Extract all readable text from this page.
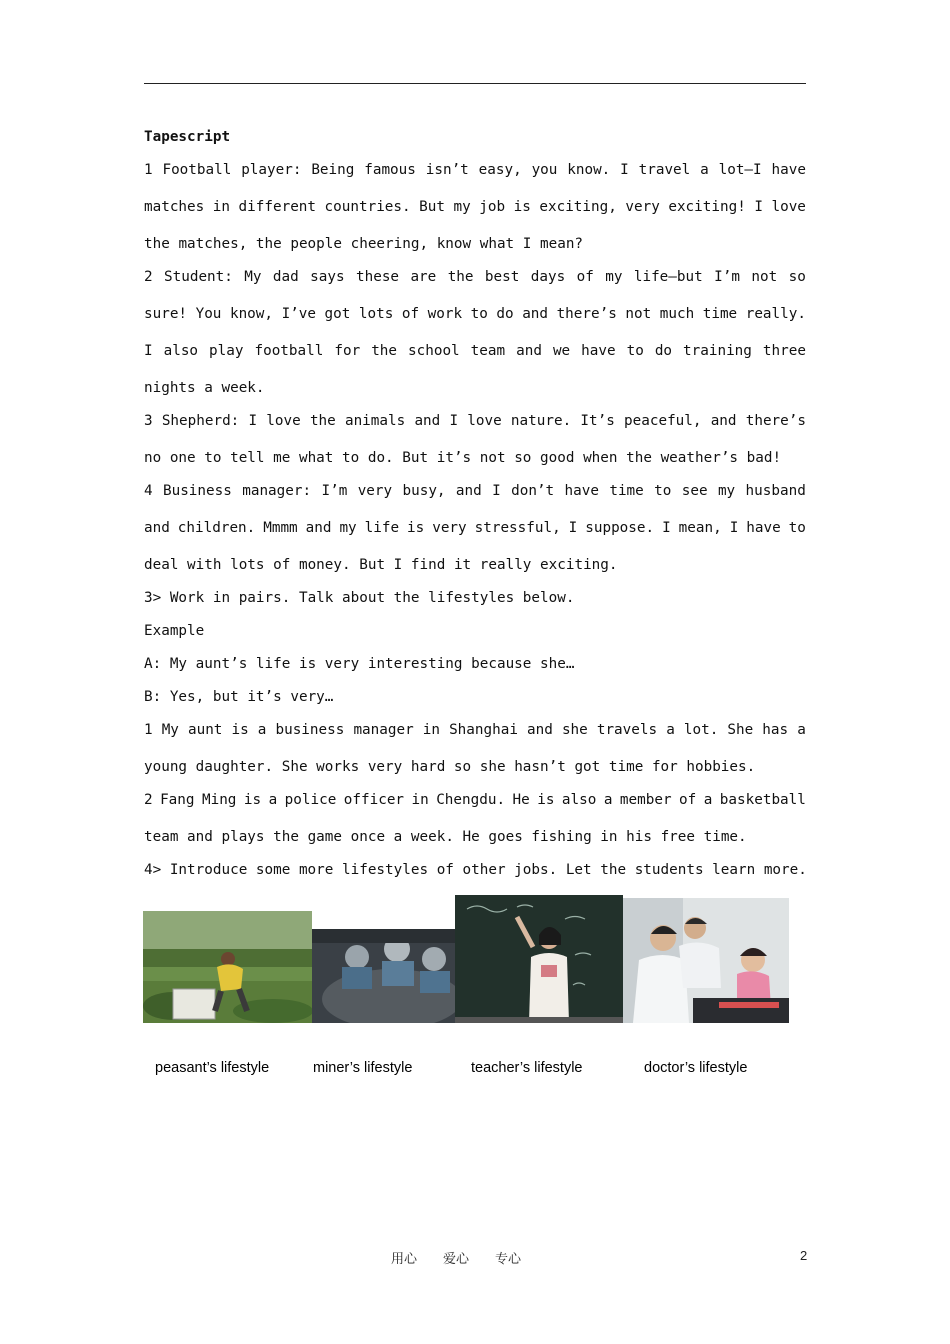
Tapescript
1 Football player: Being famous isn’t easy, you know. I travel a lot—I have
matches in different countries. But my job is exciting, very exciting! I love
the matches, the people cheering, know what I mean?
2 Student: My dad says these are the best days of my life—but I’m not so
sure! You know, I’ve got lots of work to do and there’s not much time really.
I also play football for the school team and we have to do training three
nights a week.
3 Shepherd: I love the animals and I love nature. It’s peaceful, and there’s
no one to tell me what to do. But it’s not so good when the weather’s bad!
4 Business manager: I’m very busy, and I don’t have time to see my husband
and children. Mmmm and my life is very stressful, I suppose. I mean, I have to
deal with lots of money. But I find it really exciting.
3> Work in pairs. Talk about the lifestyles below.
Example
A: My aunt’s life is very interesting because she…
B: Yes, but it’s very…
1 My aunt is a business manager in Shanghai and she travels a lot. She has a
young daughter. She works very hard so she hasn’t got time for hobbies.
2 Fang Ming is a police officer in Chengdu. He is also a member of a basketball
team and plays the game once a week. He goes fishing in his free time.
4> Introduce some more lifestyles of other jobs. Let the students learn more.
peasant’s lifestyle	miner’s lifestyle	teacher’s lifestyle	doctor’s lifestyle
用心　　爱心　　专心	2
